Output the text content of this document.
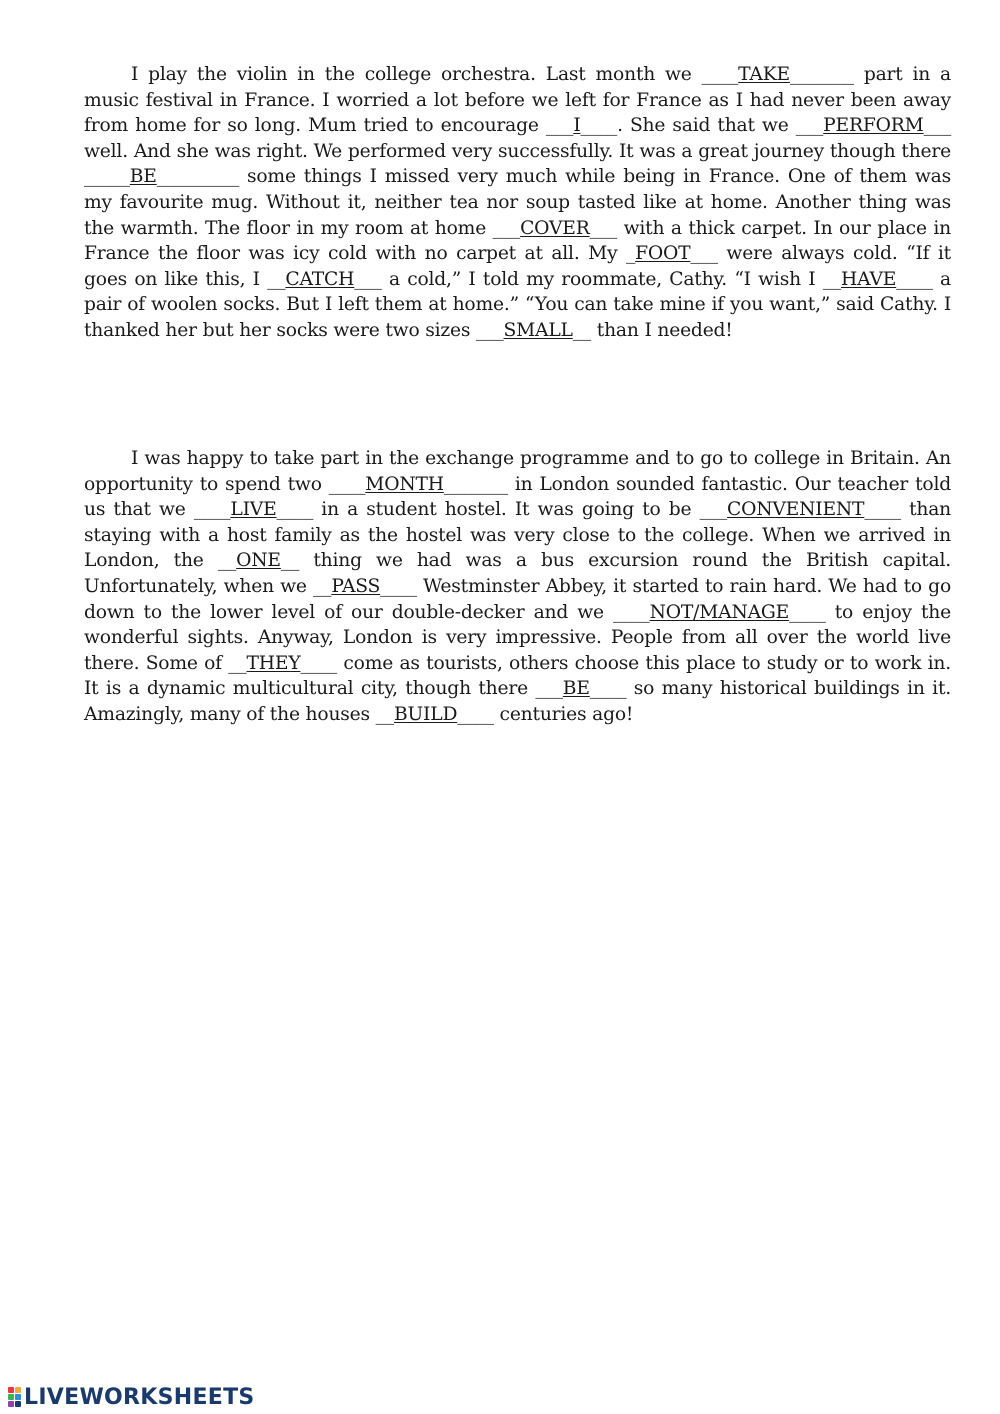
I play the violin in the college orchestra. Last month we ____TAKE_______ part in a music festival in France. I worried a lot before we left for France as I had never been away from home for so long. Mum tried to encourage ___I____. She said that we ___PERFORM___ well. And she was right. We performed very successfully. It was a great journey though there _____BE_________ some things I missed very much while being in France. One of them was my favourite mug. Without it, neither tea nor soup tasted like at home. Another thing was the warmth. The floor in my room at home ___COVER___ with a thick carpet. In our place in France the floor was icy cold with no carpet at all. My _FOOT___ were always cold. “If it goes on like this, I __CATCH___ a cold,” I told my roommate, Cathy. “I wish I __HAVE____ a pair of woolen socks. But I left them at home.” “You can take mine if you want,” said Cathy. I thanked her but her socks were two sizes ___SMALL__ than I needed!

I was happy to take part in the exchange programme and to go to college in Britain. An opportunity to spend two ____MONTH_______ in London sounded fantastic. Our teacher told us that we ____LIVE____ in a student hostel. It was going to be ___CONVENIENT____ than staying with a host family as the hostel was very close to the college. When we arrived in London, the __ONE__ thing we had was a bus excursion round the British capital. Unfortunately, when we __PASS____ Westminster Abbey, it started to rain hard. We had to go down to the lower level of our double-decker and we ____NOT/MANAGE____ to enjoy the wonderful sights. Anyway, London is very impressive. People from all over the world live there. Some of __THEY____ come as tourists, others choose this place to study or to work in. It is a dynamic multicultural city, though there ___BE____ so many historical buildings in it. Amazingly, many of the houses __BUILD____ centuries ago!

LIVEWORKSHEETS
